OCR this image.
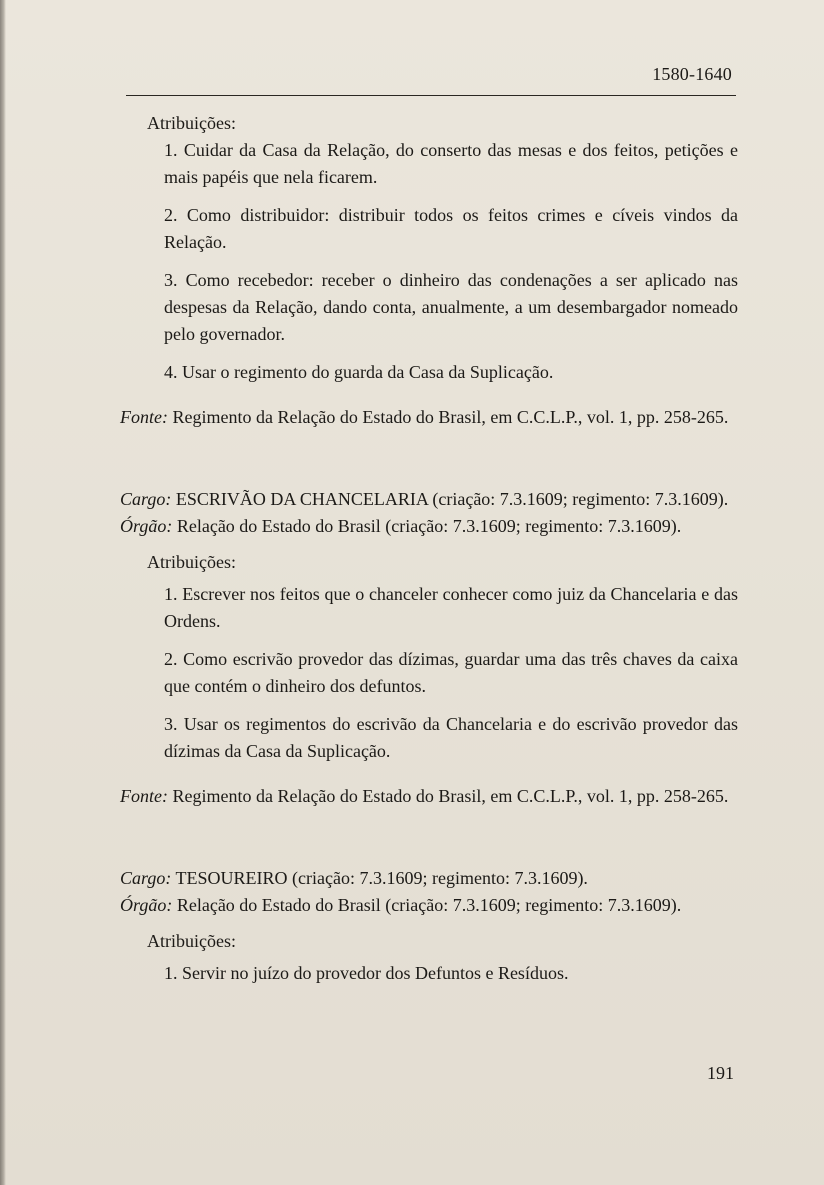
1580-1640

Atribuições:

1. Cuidar da Casa da Relação, do conserto das mesas e dos feitos, petições e mais papéis que nela ficarem.

2. Como distribuidor: distribuir todos os feitos crimes e cíveis vindos da Relação.

3. Como recebedor: receber o dinheiro das condenações a ser aplicado nas despesas da Relação, dando conta, anualmente, a um desembargador nomeado pelo governador.

4. Usar o regimento do guarda da Casa da Suplicação.

Fonte: Regimento da Relação do Estado do Brasil, em C.C.L.P., vol. 1, pp. 258-265.

Cargo: ESCRIVÃO DA CHANCELARIA (criação: 7.3.1609; regimento: 7.3.1609).

Órgão: Relação do Estado do Brasil (criação: 7.3.1609; regimento: 7.3.1609).

Atribuições:

1. Escrever nos feitos que o chanceler conhecer como juiz da Chancelaria e das Ordens.

2. Como escrivão provedor das dízimas, guardar uma das três chaves da caixa que contém o dinheiro dos defuntos.

3. Usar os regimentos do escrivão da Chancelaria e do escrivão provedor das dízimas da Casa da Suplicação.

Fonte: Regimento da Relação do Estado do Brasil, em C.C.L.P., vol. 1, pp. 258-265.

Cargo: TESOUREIRO (criação: 7.3.1609; regimento: 7.3.1609).

Órgão: Relação do Estado do Brasil (criação: 7.3.1609; regimento: 7.3.1609).

Atribuições:

1. Servir no juízo do provedor dos Defuntos e Resíduos.

191
